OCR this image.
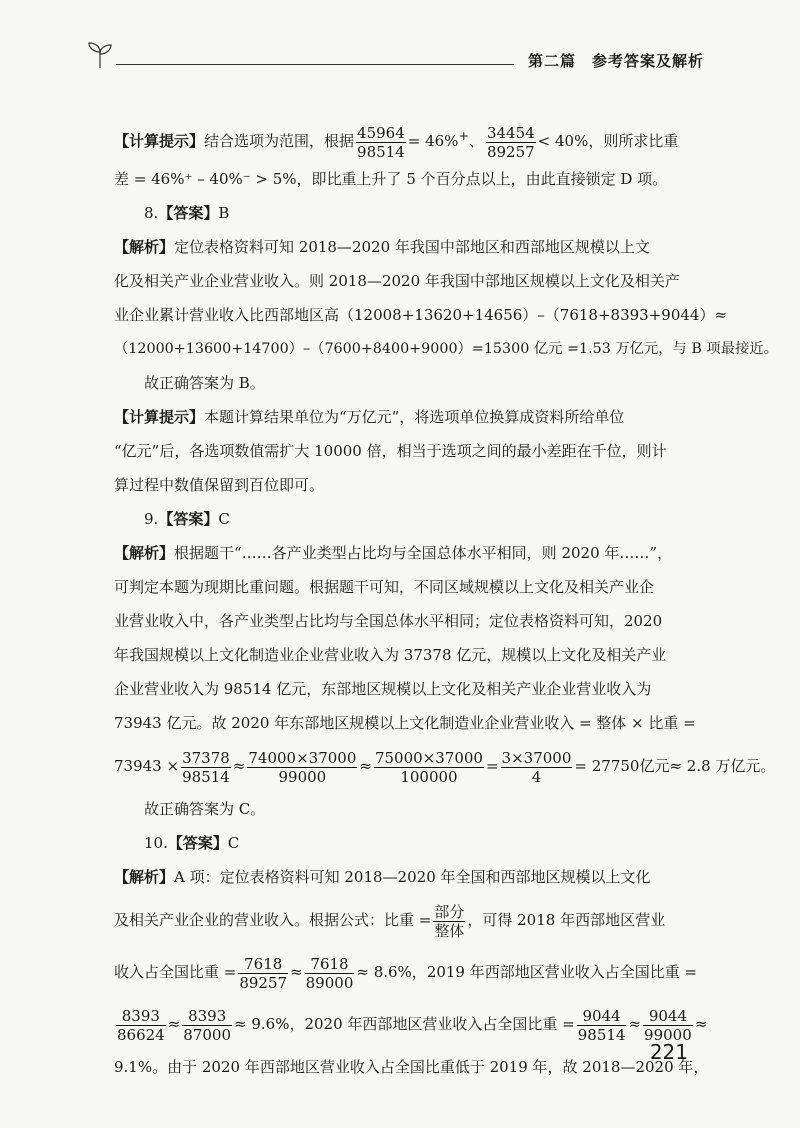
第二篇　参考答案及解析
【计算提示】结合选项为范围，根据 $\frac{45964}{98514} = 46\%^+$、 $\frac{34454}{89257} < 40\%$，则所求比重
差 = 46%⁺ – 40%⁻ > 5%，即比重上升了 5 个百分点以上，由此直接锁定 D 项。
8.【答案】B
【解析】定位表格资料可知 2018—2020 年我国中部地区和西部地区规模以上文
化及相关产业企业营业收入。则 2018—2020 年我国中部地区规模以上文化及相关产
业企业累计营业收入比西部地区高（12008+13620+14656）–（7618+8393+9044）≈
（12000+13600+14700）–（7600+8400+9000）=15300 亿元 =1.53 万亿元，与 B 项最接近。
故正确答案为 B。
【计算提示】本题计算结果单位为“万亿元”，将选项单位换算成资料所给单位
“亿元”后，各选项数值需扩大 10000 倍，相当于选项之间的最小差距在千位，则计
算过程中数值保留到百位即可。
9.【答案】C
【解析】根据题干“……各产业类型占比均与全国总体水平相同，则 2020 年……”，
可判定本题为现期比重问题。根据题干可知，不同区域规模以上文化及相关产业企
业营业收入中，各产业类型占比均与全国总体水平相同；定位表格资料可知，2020
年我国规模以上文化制造业企业营业收入为 37378 亿元，规模以上文化及相关产业
企业营业收入为 98514 亿元，东部地区规模以上文化及相关产业企业营业收入为
73943 亿元。故 2020 年东部地区规模以上文化制造业企业营业收入 = 整体 × 比重 =
$73943 \times \frac{37378}{98514} \approx \frac{74000\times 37000}{99000} \approx \frac{75000\times 37000}{100000} = \frac{3\times 37000}{4} = 27750$亿元≈ 2.8 万亿元。
故正确答案为 C。
10.【答案】C
【解析】A 项：定位表格资料可知 2018—2020 年全国和西部地区规模以上文化
及相关产业企业的营业收入。根据公式：比重 = $\frac{\text{部分}}{\text{整体}}$ ，可得 2018 年西部地区营业
收入占全国比重 = $\frac{7618}{89257} \approx \frac{7618}{89000} \approx 8.6\%$，2019 年西部地区营业收入占全国比重 =
$\frac{8393}{86624} \approx \frac{8393}{87000} \approx 9.6\%$，2020 年西部地区营业收入占全国比重 = $\frac{9044}{98514} \approx \frac{9044}{99000}$ ≈
9.1%。由于 2020 年西部地区营业收入占全国比重低于 2019 年，故 2018—2020 年，
221
